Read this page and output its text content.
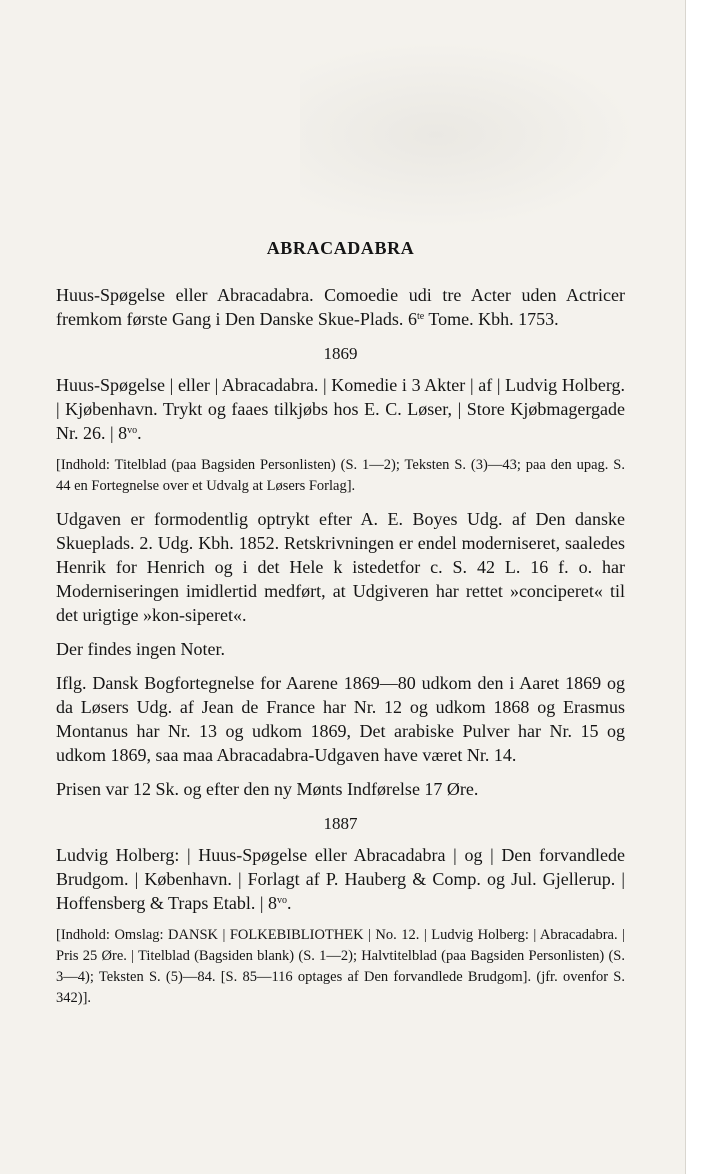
ABRACADABRA

Huus-Spøgelse eller Abracadabra. Comoedie udi tre Acter uden Actricer fremkom første Gang i Den Danske Skue-Plads. $6^{te}$ Tome. Kbh. 1753.

1869

Huus-Spøgelse | eller | Abracadabra. | Komedie i 3 Akter | af | Ludvig Holberg. | Kjøbenhavn. Trykt og faaes tilkjøbs hos E. C. Løser, | Store Kjøbmagergade Nr. 26. | $8^{vo}$.

[Indhold: Titelblad (paa Bagsiden Personlisten) (S. 1—2); Teksten S. (3)—43; paa den upag. S. 44 en Fortegnelse over et Udvalg at Løsers Forlag].

Udgaven er formodentlig optrykt efter A. E. Boyes Udg. af Den danske Skueplads. 2. Udg. Kbh. 1852. Retskrivningen er endel moderniseret, saaledes Henrik for Henrich og i det Hele k istedetfor c. S. 42 L. 16 f. o. har Moderniseringen imidlertid medført, at Udgiveren har rettet »conciperet« til det urigtige »kon-siperet«.

Der findes ingen Noter.

Iflg. Dansk Bogfortegnelse for Aarene 1869—80 udkom den i Aaret 1869 og da Løsers Udg. af Jean de France har Nr. 12 og udkom 1868 og Erasmus Montanus har Nr. 13 og udkom 1869, Det arabiske Pulver har Nr. 15 og udkom 1869, saa maa Abracadabra-Udgaven have været Nr. 14.

Prisen var 12 Sk. og efter den ny Mønts Indførelse 17 Øre.

1887

Ludvig Holberg: | Huus-Spøgelse eller Abracadabra | og | Den forvandlede Brudgom. | København. | Forlagt af P. Hauberg & Comp. og Jul. Gjellerup. | Hoffensberg & Traps Etabl. | $8^{vo}$.

[Indhold: Omslag: DANSK | FOLKEBIBLIOTHEK | No. 12. | Ludvig Holberg: | Abracadabra. | Pris 25 Øre. | Titelblad (Bagsiden blank) (S. 1—2); Halvtitelblad (paa Bagsiden Personlisten) (S. 3—4); Teksten S. (5)—84. [S. 85—116 optages af Den forvandlede Brudgom]. (jfr. ovenfor S. 342)].
